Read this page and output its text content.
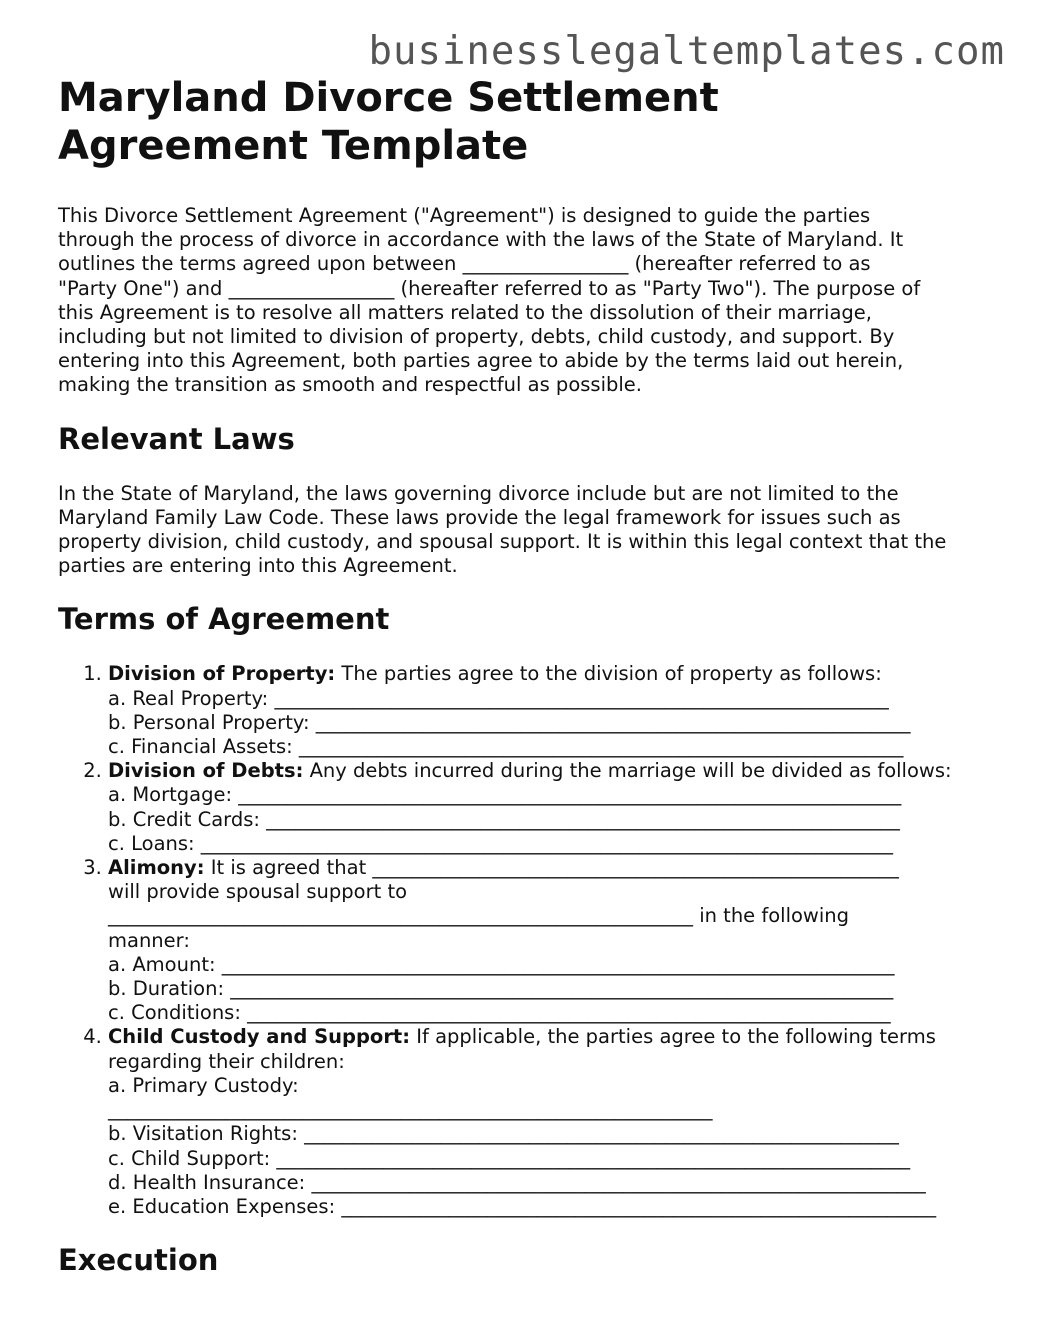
businesslegaltemplates.com
Maryland Divorce Settlement
Agreement Template

This Divorce Settlement Agreement ("Agreement") is designed to guide the parties
through the process of divorce in accordance with the laws of the State of Maryland. It
outlines the terms agreed upon between _________________ (hereafter referred to as
"Party One") and _________________ (hereafter referred to as "Party Two"). The purpose of
this Agreement is to resolve all matters related to the dissolution of their marriage,
including but not limited to division of property, debts, child custody, and support. By
entering into this Agreement, both parties agree to abide by the terms laid out herein,
making the transition as smooth and respectful as possible.

Relevant Laws

In the State of Maryland, the laws governing divorce include but are not limited to the
Maryland Family Law Code. These laws provide the legal framework for issues such as
property division, child custody, and spousal support. It is within this legal context that the
parties are entering into this Agreement.

Terms of Agreement
1. Division of Property: The parties agree to the division of property as follows:
a. Real Property: _______________________________________________________________
b. Personal Property: _____________________________________________________________
c. Financial Assets: ______________________________________________________________
2. Division of Debts: Any debts incurred during the marriage will be divided as follows:
a. Mortgage: ____________________________________________________________________
b. Credit Cards: _________________________________________________________________
c. Loans: _______________________________________________________________________
3. Alimony: It is agreed that ______________________________________________________
will provide spousal support to
____________________________________________________________ in the following
manner:
a. Amount: _____________________________________________________________________
b. Duration: ____________________________________________________________________
c. Conditions: __________________________________________________________________
4. Child Custody and Support: If applicable, the parties agree to the following terms
regarding their children:
a. Primary Custody:
______________________________________________________________
b. Visitation Rights: _____________________________________________________________
c. Child Support: _________________________________________________________________
d. Health Insurance: _______________________________________________________________
e. Education Expenses: _____________________________________________________________
Execution
